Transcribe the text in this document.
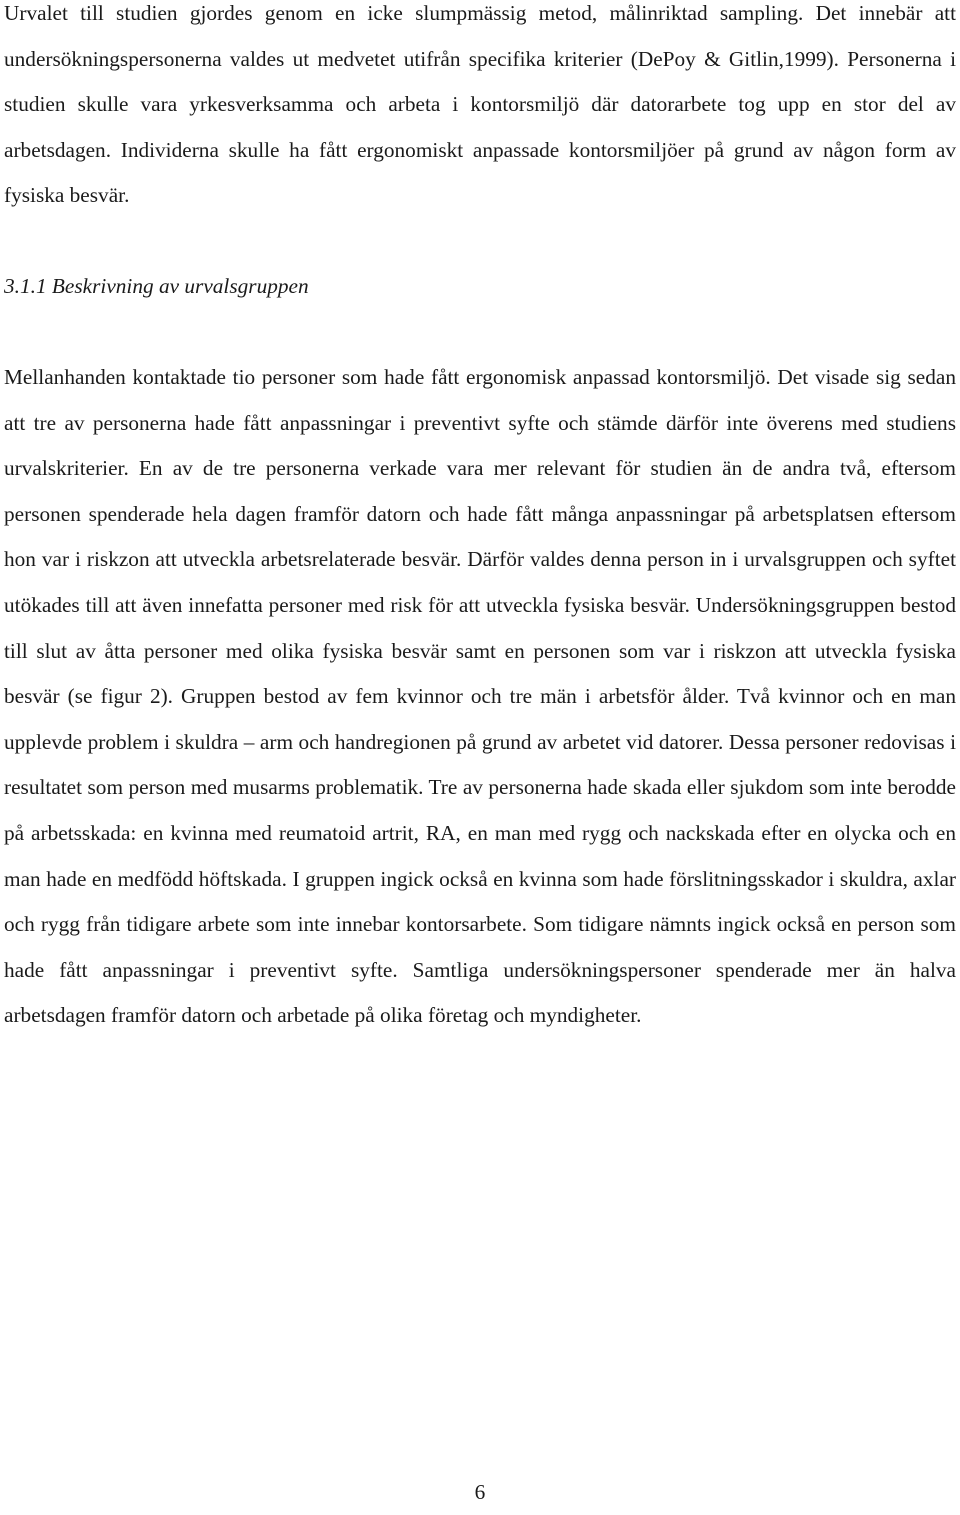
Urvalet till studien gjordes genom en icke slumpmässig metod, målinriktad sampling. Det innebär att undersökningspersonerna valdes ut medvetet utifrån specifika kriterier (DePoy & Gitlin,1999). Personerna i studien skulle vara yrkesverksamma och arbeta i kontorsmiljö där datorarbete tog upp en stor del av arbetsdagen. Individerna skulle ha fått ergonomiskt anpassade kontorsmiljöer på grund av någon form av fysiska besvär.

3.1.1 Beskrivning av urvalsgruppen

Mellanhanden kontaktade tio personer som hade fått ergonomisk anpassad kontorsmiljö. Det visade sig sedan att tre av personerna hade fått anpassningar i preventivt syfte och stämde därför inte överens med studiens urvalskriterier. En av de tre personerna verkade vara mer relevant för studien än de andra två, eftersom personen spenderade hela dagen framför datorn och hade fått många anpassningar på arbetsplatsen eftersom hon var i riskzon att utveckla arbetsrelaterade besvär. Därför valdes denna person in i urvalsgruppen och syftet utökades till att även innefatta personer med risk för att utveckla fysiska besvär. Undersökningsgruppen bestod till slut av åtta personer med olika fysiska besvär samt en personen som var i riskzon att utveckla fysiska besvär (se figur 2). Gruppen bestod av fem kvinnor och tre män i arbetsför ålder. Två kvinnor och en man upplevde problem i skuldra – arm och handregionen på grund av arbetet vid datorer. Dessa personer redovisas i resultatet som person med musarms problematik. Tre av personerna hade skada eller sjukdom som inte berodde på arbetsskada: en kvinna med reumatoid artrit, RA, en man med rygg och nackskada efter en olycka och en man hade en medfödd höftskada. I gruppen ingick också en kvinna som hade förslitningsskador i skuldra, axlar och rygg från tidigare arbete som inte innebar kontorsarbete. Som tidigare nämnts ingick också en person som hade fått anpassningar i preventivt syfte. Samtliga undersökningspersoner spenderade mer än halva arbetsdagen framför datorn och arbetade på olika företag och myndigheter.

6
